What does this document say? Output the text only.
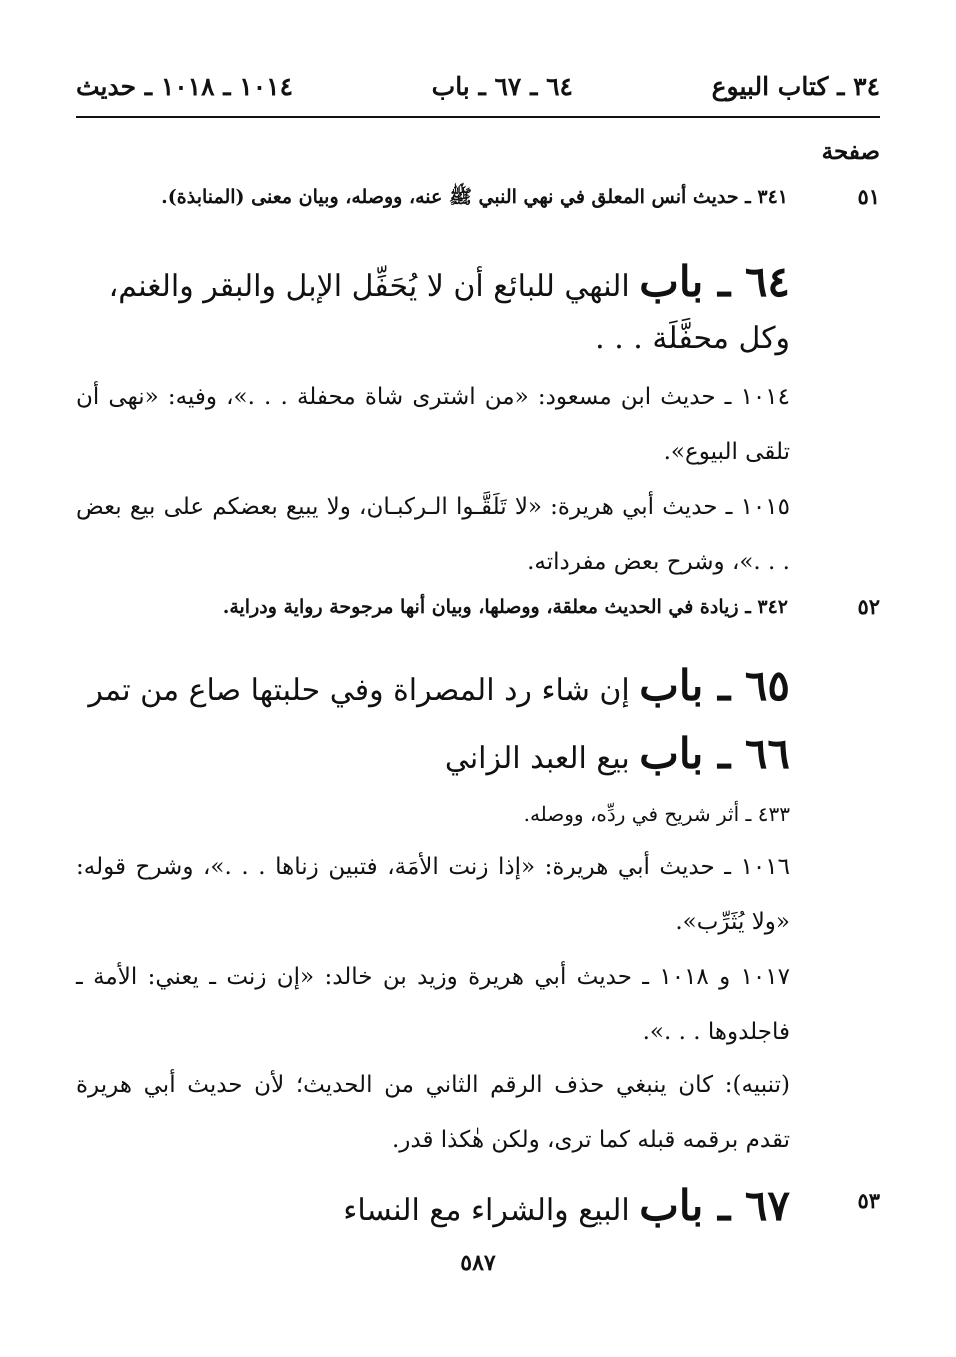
٣٤ ـ كتاب البيوع
٦٤ ـ ٦٧ ـ باب
١٠١٤ ـ ١٠١٨ ـ حديث
صفحة
٥١
٣٤١ ـ حديث أنس المعلق في نهي النبي ﷺ عنه، ووصله، وبيان معنى (المنابذة).
٦٤ ـ باب النهي للبائع أن لا يُحَفِّل الإبل والبقر والغنم، وكل محفَّلَة . . .
١٠١٤ ـ حديث ابن مسعود: «من اشترى شاة محفلة . . .»، وفيه: «نهى أن تلقى البيوع».
١٠١٥ ـ حديث أبي هريرة: «لا تَلَقَّـوا الـركبـان، ولا يبيع بعضكم على بيع بعض . . .»، وشرح بعض مفرداته.
٥٢
٣٤٢ ـ زيادة في الحديث معلقة، ووصلها، وبيان أنها مرجوحة رواية ودراية.
٦٥ ـ باب إن شاء رد المصراة وفي حلبتها صاع من تمر
٦٦ ـ باب بيع العبد الزاني
٤٣٣ ـ أثر شريح في ردِّه، ووصله.
١٠١٦ ـ حديث أبي هريرة: «إذا زنت الأمَة، فتبين زناها . . .»، وشرح قوله: «ولا يُثَرِّب».
١٠١٧ و ١٠١٨ ـ حديث أبي هريرة وزيد بن خالد: «إن زنت ـ يعني: الأمة ـ فاجلدوها . . .».
(تنبيه): كان ينبغي حذف الرقم الثاني من الحديث؛ لأن حديث أبي هريرة تقدم برقمه قبله كما ترى، ولكن هٰكذا قدر.
٥٣
٦٧ ـ باب البيع والشراء مع النساء
٥٨٧
